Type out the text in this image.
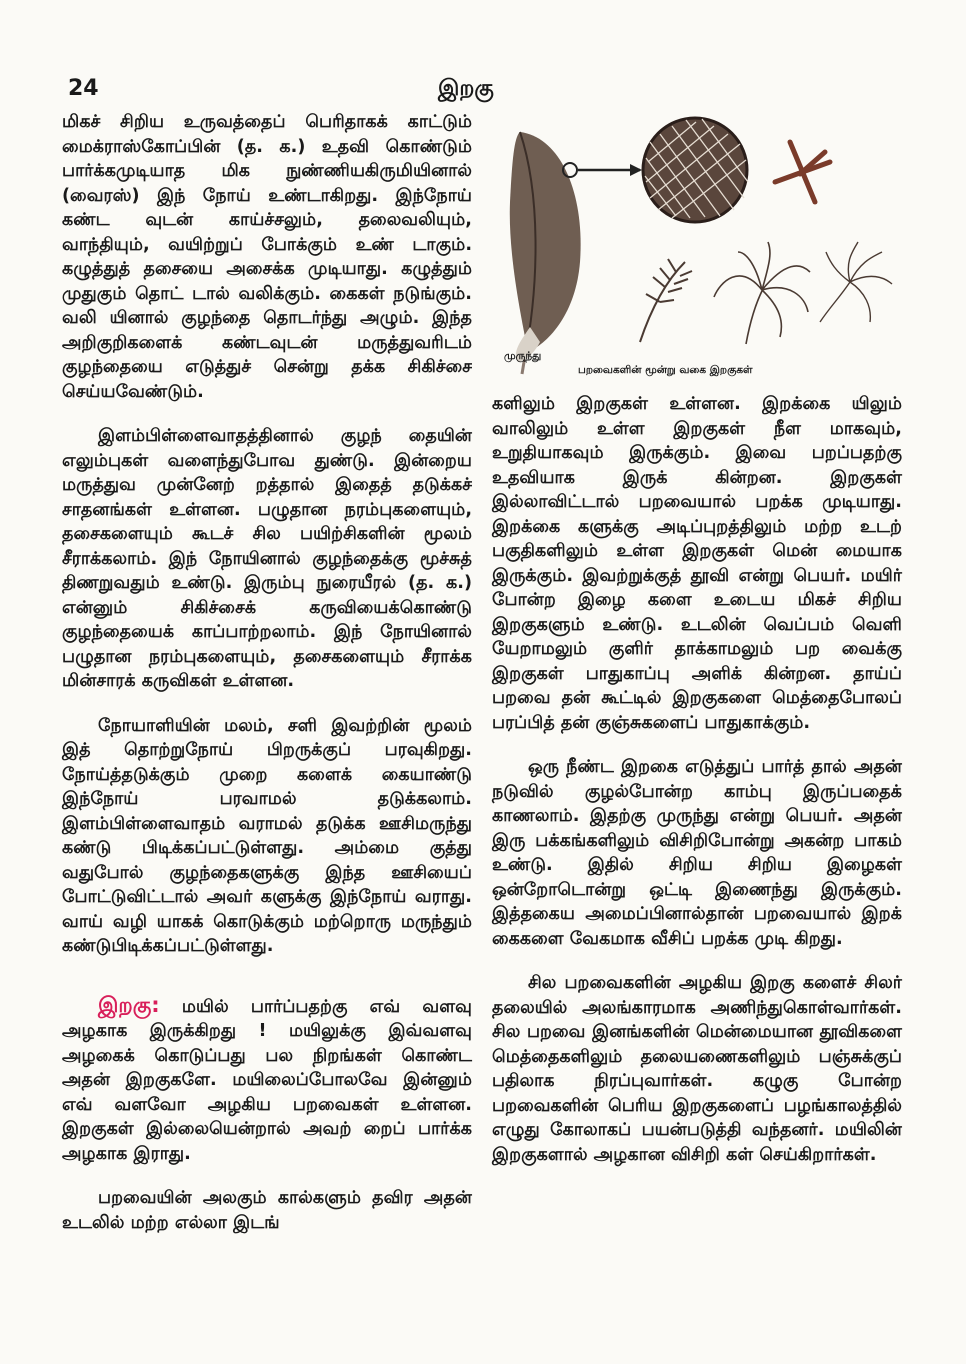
24	இறகு

மிகச் சிறிய உருவத்தைப் பெரிதாகக் காட்டும் மைக்ராஸ்கோப்பின் (த. க.) உதவி கொண்டும் பார்க்கமுடியாத மிக நுண்ணியகிருமியினால் (வைரஸ்) இந் நோய் உண்டாகிறது. இந்நோய் கண்ட வுடன் காய்ச்சலும், தலைவலியும், வாந்தியும், வயிற்றுப் போக்கும் உண் டாகும். கழுத்துத் தசையை அசைக்க முடியாது. கழுத்தும் முதுகும் தொட் டால் வலிக்கும். கைகள் நடுங்கும். வலி யினால் குழந்தை தொடர்ந்து அழும். இந்த அறிகுறிகளைக் கண்டவுடன் மருத்துவரிடம் குழந்தையை எடுத்துச் சென்று தக்க சிகிச்சை செய்யவேண்டும்.

இளம்பிள்ளைவாதத்தினால் குழந் தையின் எலும்புகள் வளைந்துபோவ துண்டு. இன்றைய மருத்துவ முன்னேற் றத்தால் இதைத் தடுக்கச் சாதனங்கள் உள்ளன. பழுதான நரம்புகளையும், தசைகளையும் கூடச் சில பயிற்சிகளின் மூலம் சீராக்கலாம். இந் நோயினால் குழந்தைக்கு மூச்சுத் திணறுவதும் உண்டு. இரும்பு நுரையீரல் (த. க.) என்னும் சிகிச்சைக் கருவியைக்கொண்டு குழந்தையைக் காப்பாற்றலாம். இந் நோயினால் பழுதான நரம்புகளையும், தசைகளையும் சீராக்க மின்சாரக் கருவிகள் உள்ளன.

நோயாளியின் மலம், சளி இவற்றின் மூலம் இத் தொற்றுநோய் பிறருக்குப் பரவுகிறது. நோய்த்தடுக்கும் முறை களைக் கையாண்டு இந்நோய் பரவாமல் தடுக்கலாம். இளம்பிள்ளைவாதம் வராமல் தடுக்க ஊசிமருந்து கண்டு பிடிக்கப்பட்டுள்ளது. அம்மை குத்து வதுபோல் குழந்தைகளுக்கு இந்த ஊசியைப் போட்டுவிட்டால் அவர் களுக்கு இந்நோய் வராது. வாய் வழி யாகக் கொடுக்கும் மற்றொரு மருந்தும் கண்டுபிடிக்கப்பட்டுள்ளது.

இறகு: மயில் பார்ப்பதற்கு எவ் வளவு அழகாக இருக்கிறது ! மயிலுக்கு இவ்வளவு அழகைக் கொடுப்பது பல நிறங்கள் கொண்ட அதன் இறகுகளே. மயிலைப்போலவே இன்னும் எவ் வளவோ அழகிய பறவைகள் உள்ளன. இறகுகள் இல்லையென்றால் அவற் றைப் பார்க்க அழகாக இராது.

பறவையின் அலகும் கால்களும் தவிர அதன் உடலில் மற்ற எல்லா இடங்

முருந்து
பறவைகளின் மூன்று வகை இறகுகள்

களிலும் இறகுகள் உள்ளன. இறக்கை யிலும் வாலிலும் உள்ள இறகுகள் நீள மாகவும், உறுதியாகவும் இருக்கும். இவை பறப்பதற்கு உதவியாக இருக் கின்றன. இறகுகள் இல்லாவிட்டால் பறவையால் பறக்க முடியாது. இறக்கை களுக்கு அடிப்புறத்திலும் மற்ற உடற் பகுதிகளிலும் உள்ள இறகுகள் மென் மையாக இருக்கும். இவற்றுக்குத் தூவி என்று பெயர். மயிர் போன்ற இழை களை உடைய மிகச் சிறிய இறகுகளும் உண்டு. உடலின் வெப்பம் வெளி யேறாமலும் குளிர் தாக்காமலும் பற வைக்கு இறகுகள் பாதுகாப்பு அளிக் கின்றன. தாய்ப் பறவை தன் கூட்டில் இறகுகளை மெத்தைபோலப் பரப்பித் தன் குஞ்சுகளைப் பாதுகாக்கும்.

ஒரு நீண்ட இறகை எடுத்துப் பார்த் தால் அதன் நடுவில் குழல்போன்ற காம்பு இருப்பதைக் காணலாம். இதற்கு முருந்து என்று பெயர். அதன் இரு பக்கங்களிலும் விசிறிபோன்று அகன்ற பாகம் உண்டு. இதில் சிறிய சிறிய இழைகள் ஒன்றோடொன்று ஒட்டி இணைந்து இருக்கும். இத்தகைய அமைப்பினால்தான் பறவையால் இறக் கைகளை வேகமாக வீசிப் பறக்க முடி கிறது.

சில பறவைகளின் அழகிய இறகு களைச் சிலர் தலையில் அலங்காரமாக அணிந்துகொள்வார்கள். சில பறவை இனங்களின் மென்மையான தூவிகளை மெத்தைகளிலும் தலையணைகளிலும் பஞ்சுக்குப் பதிலாக நிரப்புவார்கள். கழுகு போன்ற பறவைகளின் பெரிய இறகுகளைப் பழங்காலத்தில் எழுது கோலாகப் பயன்படுத்தி வந்தனர். மயிலின் இறகுகளால் அழகான விசிறி கள் செய்கிறார்கள்.
